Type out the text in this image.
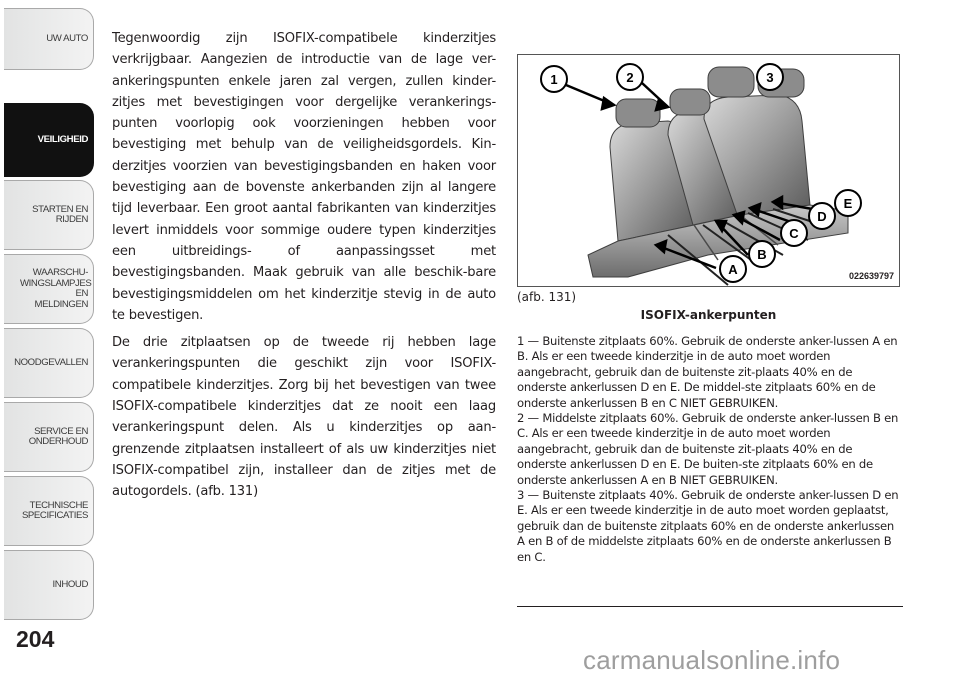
UW AUTO
VEILIGHEID
STARTEN EN RIJDEN
WAARSCHU-WINGSLAMPJES EN MELDINGEN
NOODGEVALLEN
SERVICE EN ONDERHOUD
TECHNISCHE SPECIFICATIES
INHOUD
204

Tegenwoordig zijn ISOFIX-compatibele kinderzitjes verkrijgbaar. Aangezien de introductie van de lage ver-ankeringspunten enkele jaren zal vergen, zullen kinder-zitjes met bevestigingen voor dergelijke verankerings-punten voorlopig ook voorzieningen hebben voor bevestiging met behulp van de veiligheidsgordels. Kin-derzitjes voorzien van bevestigingsbanden en haken voor bevestiging aan de bovenste ankerbanden zijn al langere tijd leverbaar. Een groot aantal fabrikanten van kinderzitjes levert inmiddels voor sommige oudere typen kinderzitjes een uitbreidings- of aanpassingsset met bevestigingsbanden. Maak gebruik van alle beschik-bare bevestigingsmiddelen om het kinderzitje stevig in de auto te bevestigen.

De drie zitplaatsen op de tweede rij hebben lage verankeringspunten die geschikt zijn voor ISOFIX-compatibele kinderzitjes. Zorg bij het bevestigen van twee ISOFIX-compatibele kinderzitjes dat ze nooit een laag verankeringspunt delen. Als u kinderzitjes op aan-grenzende zitplaatsen installeert of als uw kinderzitjes niet ISOFIX-compatibel zijn, installeer dan de zitjes met de autogordels. (afb. 131)

1	2	3
A
B
C
D
E
022639797
(afb. 131)
ISOFIX-ankerpunten

1 — Buitenste zitplaats 60%. Gebruik de onderste anker-lussen A en B. Als er een tweede kinderzitje in de auto moet worden aangebracht, gebruik dan de buitenste zit-plaats 40% en de onderste ankerlussen D en E. De middel-ste zitplaats 60% en de onderste ankerlussen B en C NIET GEBRUIKEN.

2 — Middelste zitplaats 60%. Gebruik de onderste anker-lussen B en C. Als er een tweede kinderzitje in de auto moet worden aangebracht, gebruik dan de buitenste zit-plaats 40% en de onderste ankerlussen D en E. De buiten-ste zitplaats 60% en de onderste ankerlussen A en B NIET GEBRUIKEN.

3 — Buitenste zitplaats 40%. Gebruik de onderste anker-lussen D en E. Als er een tweede kinderzitje in de auto moet worden geplaatst, gebruik dan de buitenste zitplaats 60% en de onderste ankerlussen A en B of de middelste zitplaats 60% en de onderste ankerlussen B en C.

carmanualsonline.info
